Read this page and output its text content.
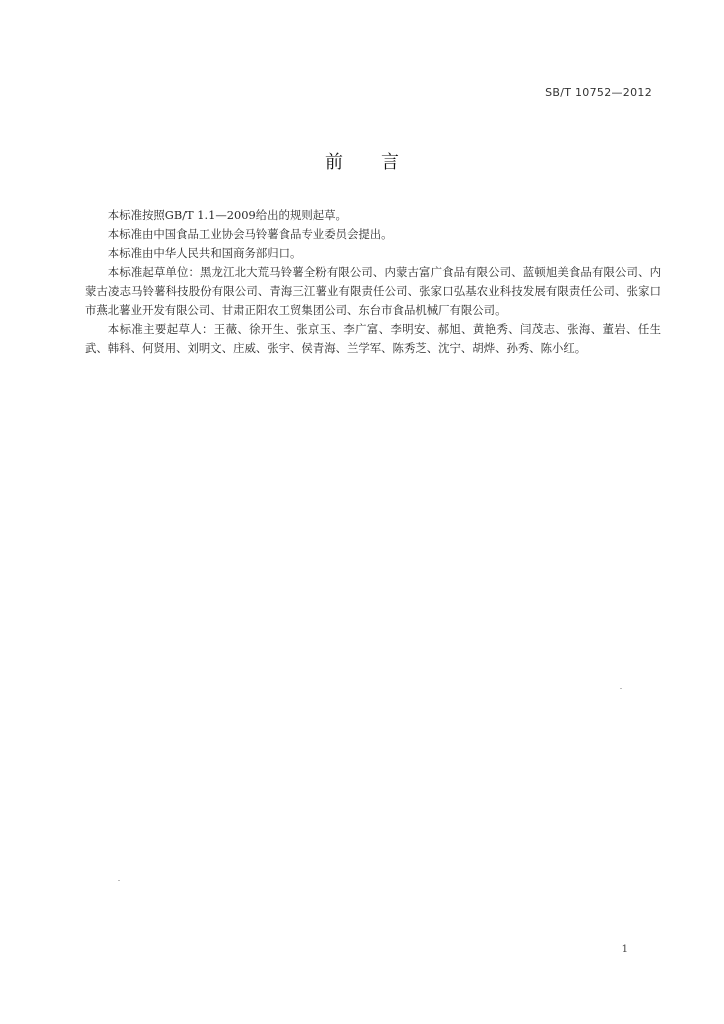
SB/T 10752—2012
前言

本标准按照GB/T 1.1—2009给出的规则起草。

本标准由中国食品工业协会马铃薯食品专业委员会提出。

本标准由中华人民共和国商务部归口。

本标准起草单位：黑龙江北大荒马铃薯全粉有限公司、内蒙古富广食品有限公司、蓝顿旭美食品有限公司、内蒙古凌志马铃薯科技股份有限公司、青海三江薯业有限责任公司、张家口弘基农业科技发展有限责任公司、张家口市燕北薯业开发有限公司、甘肃正阳农工贸集团公司、东台市食品机械厂有限公司。

本标准主要起草人：王薇、徐开生、张京玉、李广富、李明安、郝旭、黄艳秀、闫茂志、张海、董岩、任生武、韩科、何贤用、刘明文、庄威、张宇、侯青海、兰学军、陈秀芝、沈宁、胡烨、孙秀、陈小红。

1
